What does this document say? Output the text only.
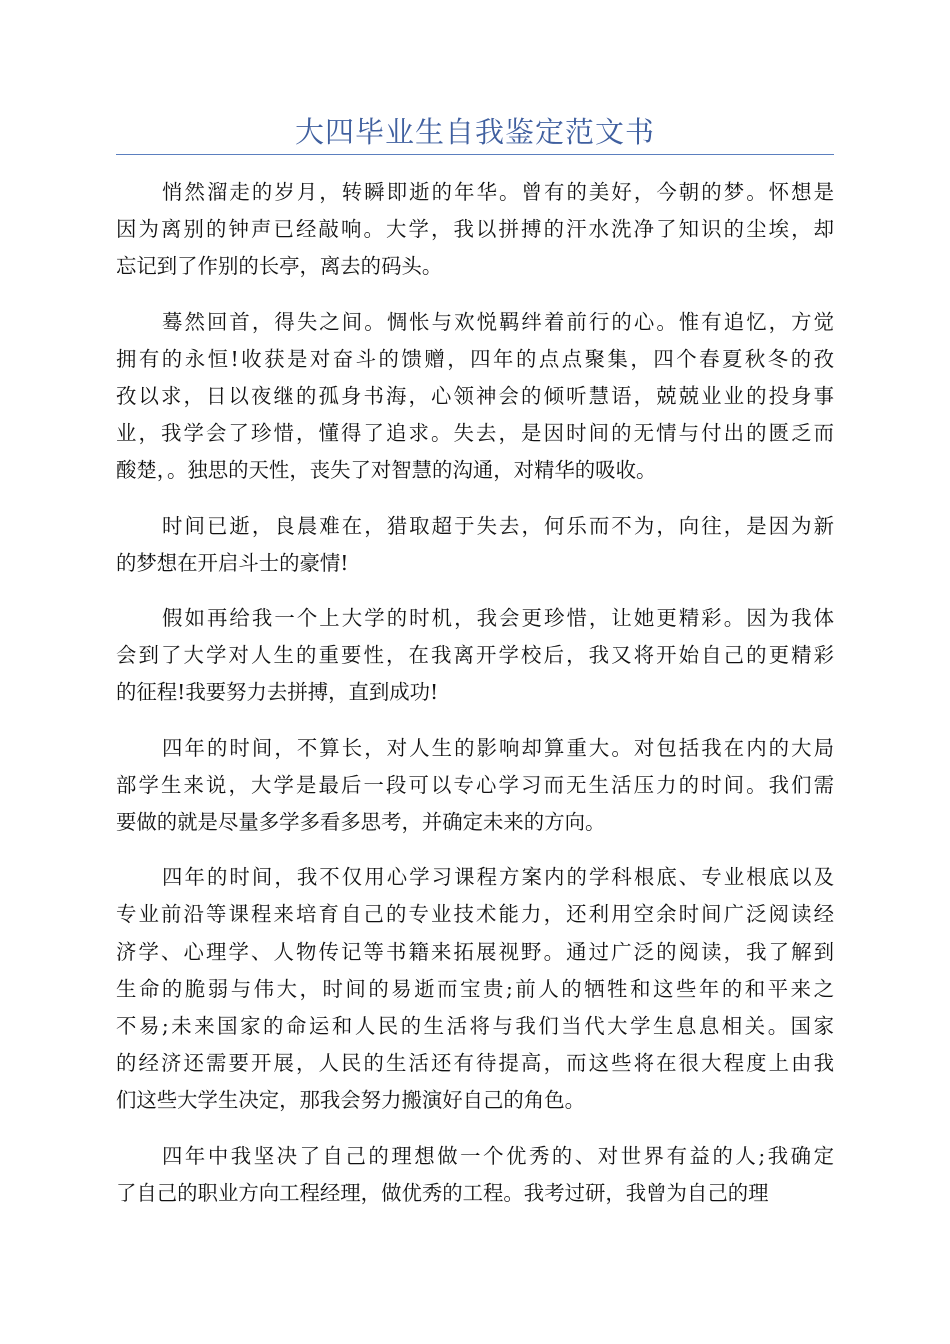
大四毕业生自我鉴定范文书
悄然溜走的岁月，转瞬即逝的年华。曾有的美好，今朝的梦。怀想是
因为离别的钟声已经敲响。大学，我以拼搏的汗水洗净了知识的尘埃，却
忘记到了作别的长亭，离去的码头。
蓦然回首，得失之间。惆怅与欢悦羁绊着前行的心。惟有追忆，方觉
拥有的永恒!收获是对奋斗的馈赠，四年的点点聚集，四个春夏秋冬的孜
孜以求，日以夜继的孤身书海，心领神会的倾听慧语，兢兢业业的投身事
业，我学会了珍惜，懂得了追求。失去，是因时间的无情与付出的匮乏而
酸楚，。独思的天性，丧失了对智慧的沟通，对精华的吸收。
时间已逝，良晨难在，猎取超于失去，何乐而不为，向往，是因为新
的梦想在开启斗士的豪情!
假如再给我一个上大学的时机，我会更珍惜，让她更精彩。因为我体
会到了大学对人生的重要性，在我离开学校后，我又将开始自己的更精彩
的征程!我要努力去拼搏，直到成功!
四年的时间，不算长，对人生的影响却算重大。对包括我在内的大局
部学生来说，大学是最后一段可以专心学习而无生活压力的时间。我们需
要做的就是尽量多学多看多思考，并确定未来的方向。
四年的时间，我不仅用心学习课程方案内的学科根底、专业根底以及
专业前沿等课程来培育自己的专业技术能力，还利用空余时间广泛阅读经
济学、心理学、人物传记等书籍来拓展视野。通过广泛的阅读，我了解到
生命的脆弱与伟大，时间的易逝而宝贵;前人的牺牲和这些年的和平来之
不易;未来国家的命运和人民的生活将与我们当代大学生息息相关。国家
的经济还需要开展，人民的生活还有待提高，而这些将在很大程度上由我
们这些大学生决定，那我会努力搬演好自己的角色。
四年中我坚决了自己的理想做一个优秀的、对世界有益的人;我确定
了自己的职业方向工程经理，做优秀的工程。我考过研，我曾为自己的理
